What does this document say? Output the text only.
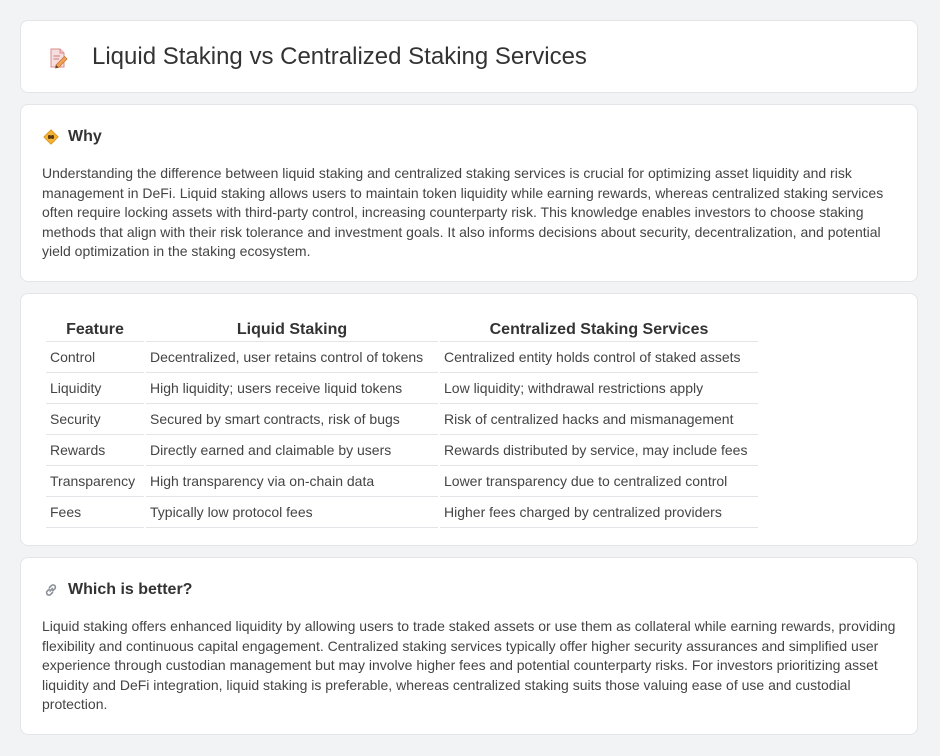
Liquid Staking vs Centralized Staking Services
Why

Understanding the difference between liquid staking and centralized staking services is crucial for optimizing asset liquidity and risk management in DeFi. Liquid staking allows users to maintain token liquidity while earning rewards, whereas centralized staking services often require locking assets with third-party control, increasing counterparty risk. This knowledge enables investors to choose staking methods that align with their risk tolerance and investment goals. It also informs decisions about security, decentralization, and potential yield optimization in the staking ecosystem.

Feature	Liquid Staking	Centralized Staking Services
Control	Decentralized, user retains control of tokens	Centralized entity holds control of staked assets
Liquidity	High liquidity; users receive liquid tokens	Low liquidity; withdrawal restrictions apply
Security	Secured by smart contracts, risk of bugs	Risk of centralized hacks and mismanagement
Rewards	Directly earned and claimable by users	Rewards distributed by service, may include fees
Transparency	High transparency via on-chain data	Lower transparency due to centralized control
Fees	Typically low protocol fees	Higher fees charged by centralized providers
Which is better?

Liquid staking offers enhanced liquidity by allowing users to trade staked assets or use them as collateral while earning rewards, providing flexibility and continuous capital engagement. Centralized staking services typically offer higher security assurances and simplified user experience through custodian management but may involve higher fees and potential counterparty risks. For investors prioritizing asset liquidity and DeFi integration, liquid staking is preferable, whereas centralized staking suits those valuing ease of use and custodial protection.
